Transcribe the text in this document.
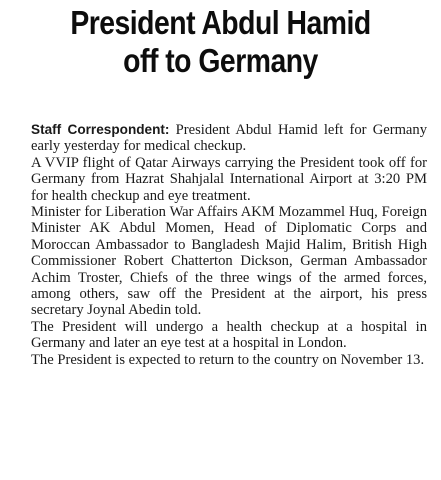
President Abdul Hamid
off to Germany

Staff Correspondent: President Abdul Hamid left for Germany early yesterday for medical checkup.

A VVIP flight of Qatar Airways carrying the President took off for Germany from Hazrat Shahjalal International Airport at 3:20 PM for health checkup and eye treatment.

Minister for Liberation War Affairs AKM Mozammel Huq, Foreign Minister AK Abdul Momen, Head of Diplomatic Corps and Moroccan Ambassador to Bangladesh Majid Halim, British High Commissioner Robert Chatterton Dickson, German Ambassador Achim Troster, Chiefs of the three wings of the armed forces, among others, saw off the President at the airport, his press secretary Joynal Abedin told.

The President will undergo a health checkup at a hospital in Germany and later an eye test at a hospital in London.

The President is expected to return to the country on November 13.
